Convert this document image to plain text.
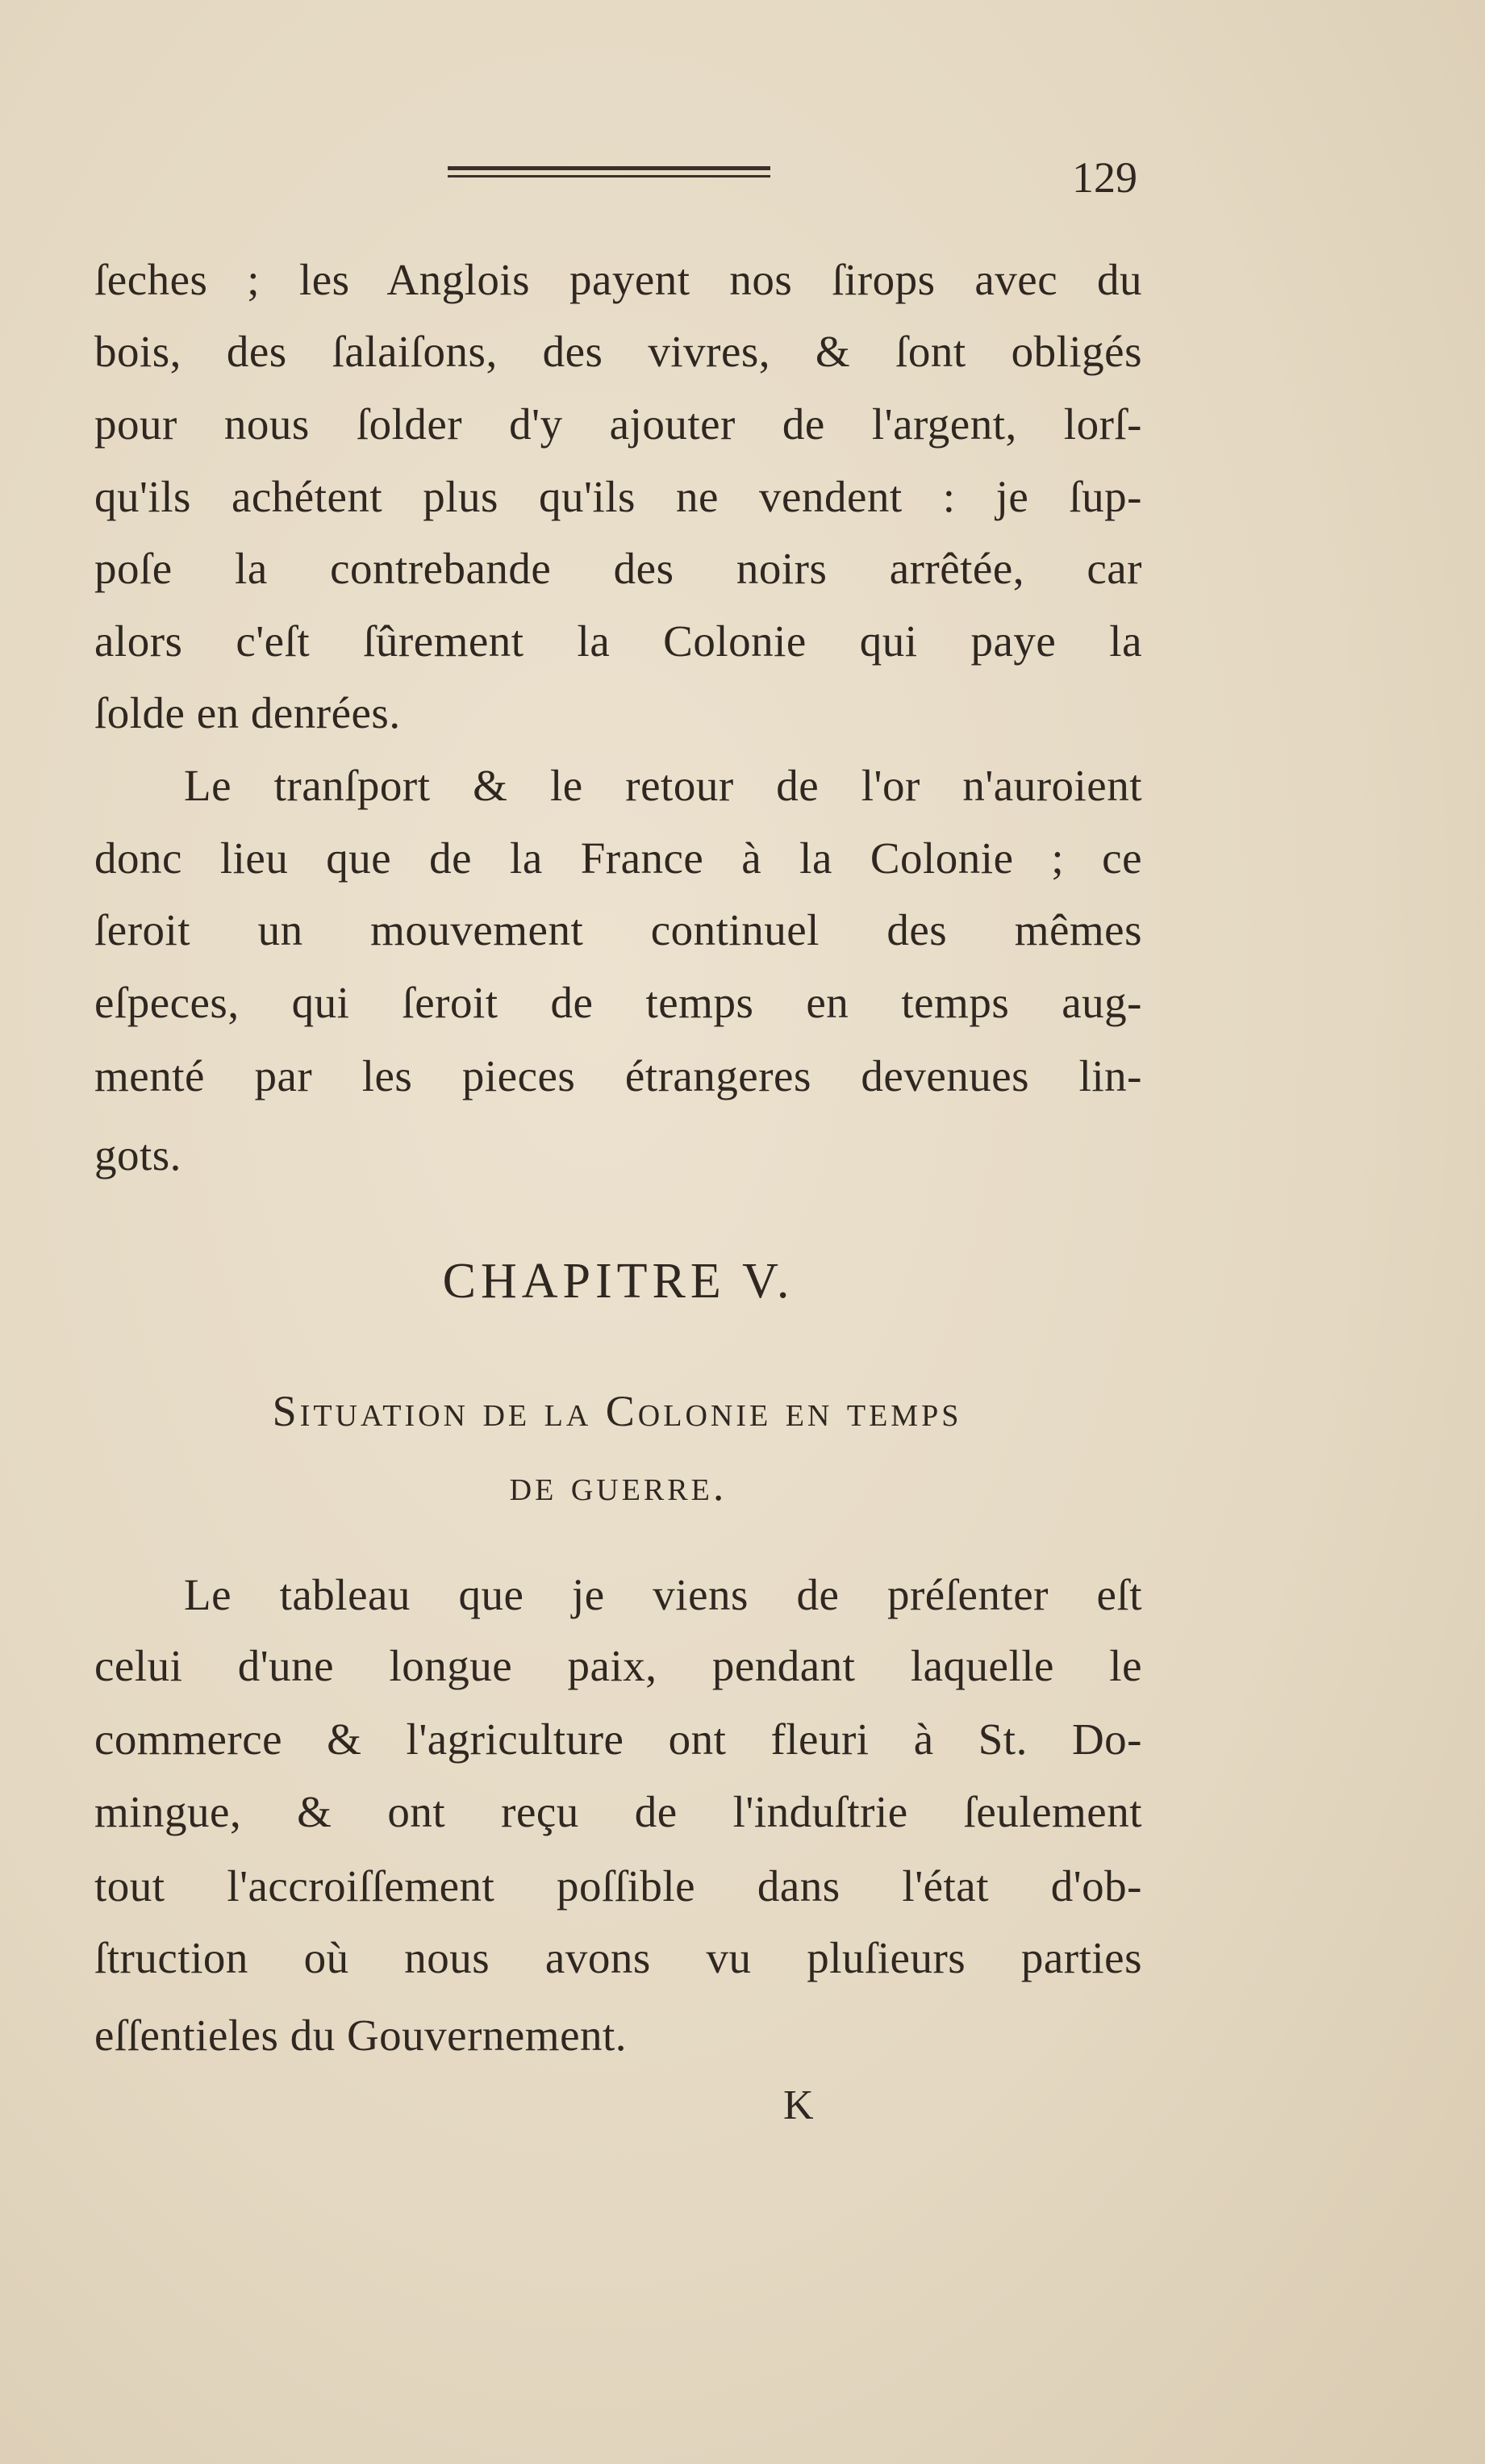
129
ſeches ; les Anglois payent nos ſirops avec du
bois, des ſalaiſons, des vivres, & ſont obligés
pour nous ſolder d'y ajouter de l'argent, lorſ-
qu'ils achétent plus qu'ils ne vendent : je ſup-
poſe la contrebande des noirs arrêtée, car
alors c'eſt ſûrement la Colonie qui paye la
ſolde en denrées.
Le tranſport & le retour de l'or n'auroient
donc lieu que de la France à la Colonie ; ce
ſeroit un mouvement continuel des mêmes
eſpeces, qui ſeroit de temps en temps aug-
menté par les pieces étrangeres devenues lin-
gots.
CHAPITRE V.
Situation de la Colonie en temps
de guerre.
Le tableau que je viens de préſenter eſt
celui d'une longue paix, pendant laquelle le
commerce & l'agriculture ont fleuri à St. Do-
mingue, & ont reçu de l'induſtrie ſeulement
tout l'accroiſſement poſſible dans l'état d'ob-
ſtruction où nous avons vu pluſieurs parties
eſſentieles du Gouvernement.
K
